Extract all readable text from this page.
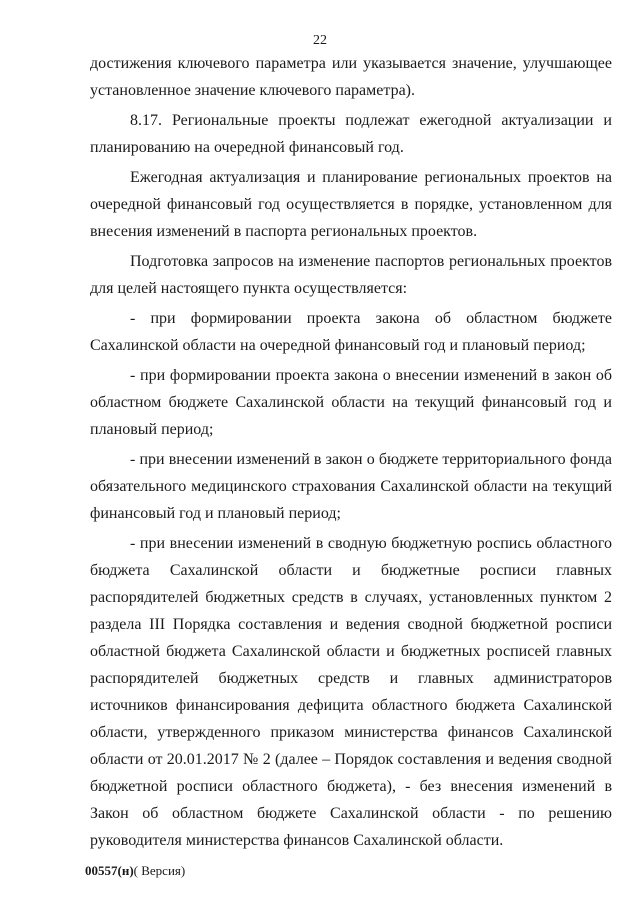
22

достижения ключевого параметра или указывается значение, улучшающее установленное значение ключевого параметра).

8.17. Региональные проекты подлежат ежегодной актуализации и планированию на очередной финансовый год.

Ежегодная актуализация и планирование региональных проектов на очередной финансовый год осуществляется в порядке, установленном для внесения изменений в паспорта региональных проектов.

Подготовка запросов на изменение паспортов региональных проектов для целей настоящего пункта осуществляется:

- при формировании проекта закона об областном бюджете Сахалинской области на очередной финансовый год и плановый период;

- при формировании проекта закона о внесении изменений в закон об областном бюджете Сахалинской области на текущий финансовый год и плановый период;

- при внесении изменений в закон о бюджете территориального фонда обязательного медицинского страхования Сахалинской области на текущий финансовый год и плановый период;

- при внесении изменений в сводную бюджетную роспись областного бюджета Сахалинской области и бюджетные росписи главных распорядителей бюджетных средств в случаях, установленных пунктом 2 раздела III Порядка составления и ведения сводной бюджетной росписи областной бюджета Сахалинской области и бюджетных росписей главных распорядителей бюджетных средств и главных администраторов источников финансирования дефицита областного бюджета Сахалинской области, утвержденного приказом министерства финансов Сахалинской области от 20.01.2017 № 2 (далее – Порядок составления и ведения сводной бюджетной росписи областного бюджета), - без внесения изменений в Закон об областном бюджете Сахалинской области - по решению руководителя министерства финансов Сахалинской области.

00557(н)( Версия)
